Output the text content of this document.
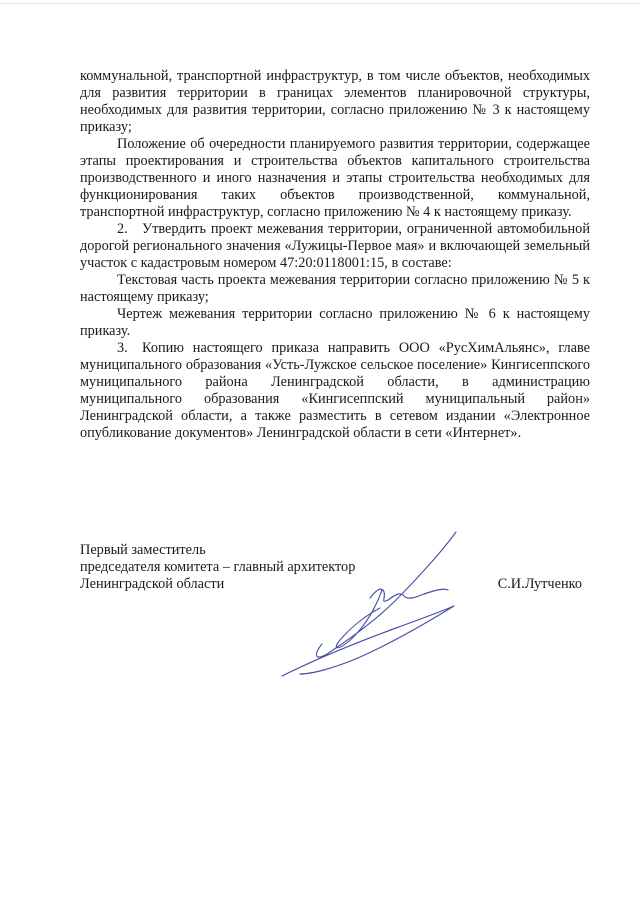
коммунальной, транспортной инфраструктур, в том числе объектов, необходимых для развития территории в границах элементов планировочной структуры, необходимых для развития территории, согласно приложению № 3 к настоящему приказу;

Положение об очередности планируемого развития территории, содержащее этапы проектирования и строительства объектов капитального строительства производственного и иного назначения и этапы строительства необходимых для функционирования таких объектов производственной, коммунальной, транспортной инфраструктур, согласно приложению № 4 к настоящему приказу.

2. Утвердить проект межевания территории, ограниченной автомобильной дорогой регионального значения «Лужицы-Первое мая» и включающей земельный участок с кадастровым номером 47:20:0118001:15, в составе:

Текстовая часть проекта межевания территории согласно приложению № 5 к настоящему приказу;

Чертеж межевания территории согласно приложению № 6 к настоящему приказу.

3. Копию настоящего приказа направить ООО «РусХимАльянс», главе муниципального образования «Усть-Лужское сельское поселение» Кингисеппского муниципального района Ленинградской области, в администрацию муниципального образования «Кингисеппский муниципальный район» Ленинградской области, а также разместить в сетевом издании «Электронное опубликование документов» Ленинградской области в сети «Интернет».

Первый заместитель
председателя комитета – главный архитектор
Ленинградской области	С.И.Лутченко
